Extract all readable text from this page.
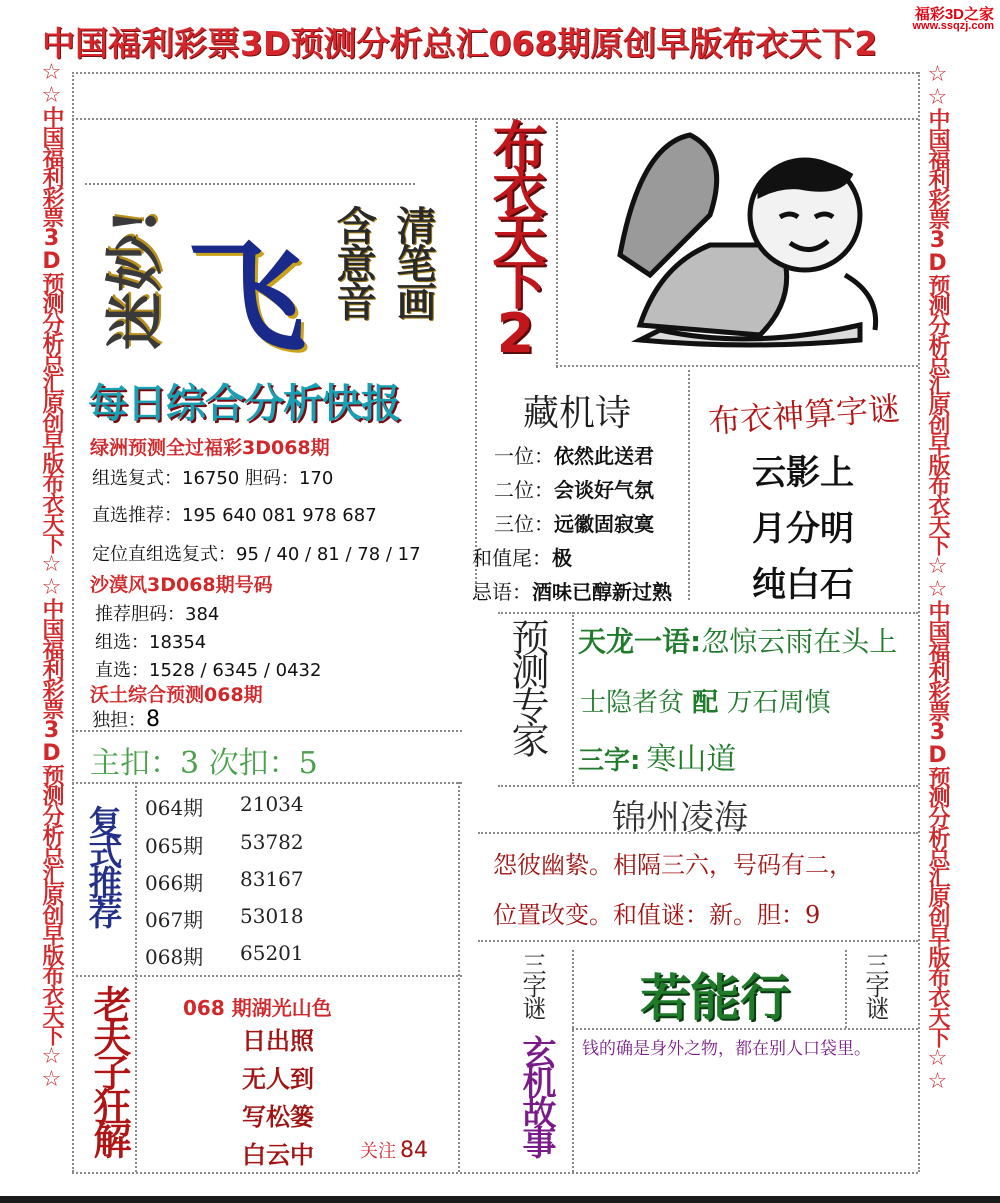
中国福利彩票3D预测分析总汇068期原创早版布衣天下2
福彩3D之家
www.ssqzj.com
☆☆中国福利彩票3D预测分析总汇原创早版布衣天下☆☆中国福利彩票3D预测分析总汇原创早版布衣天下☆☆	☆☆中国福利彩票3D预测分析总汇原创早版布衣天下☆☆中国福利彩票3D预测分析总汇原创早版布衣天下☆☆
迷妙! 飞 清笔画
含意音 布衣天下2
每日综合分析快报
绿洲预测全过福彩3D068期
组选复式：16750 胆码：170
直选推荐：195 640 081 978 687
定位直组选复式：95 / 40 / 81 / 78 / 17
沙漠风3D068期号码
推荐胆码：384
组选：18354
直选：1528 / 6345 / 0432
沃土综合预测068期
独担：8
主扣：3 次扣：5
复式推荐 064期 21034
065期 53782
066期 83167
067期 53018
068期 65201
老夫子狂解	068 期湖光山色
日出照
无人到
写松篓
白云中	关注 84
藏机诗
一位：依然此送君
二位：会谈好气氛
三位：远徽固寂寞
和值尾：极
忌语：酒味已醇新过熟
布衣神算字谜
云影上
月分明
纯白石
预测专家 天龙一语:忽惊云雨在头上
士隐者贫 配 万石周慎
三字: 寒山道
锦州凌海
怨彼幽絷。相隔三六，号码有二，
位置改变。和值谜：新。胆：9
三字谜 若能行	三字谜
玄机故事 钱的确是身外之物，都在别人口袋里。
